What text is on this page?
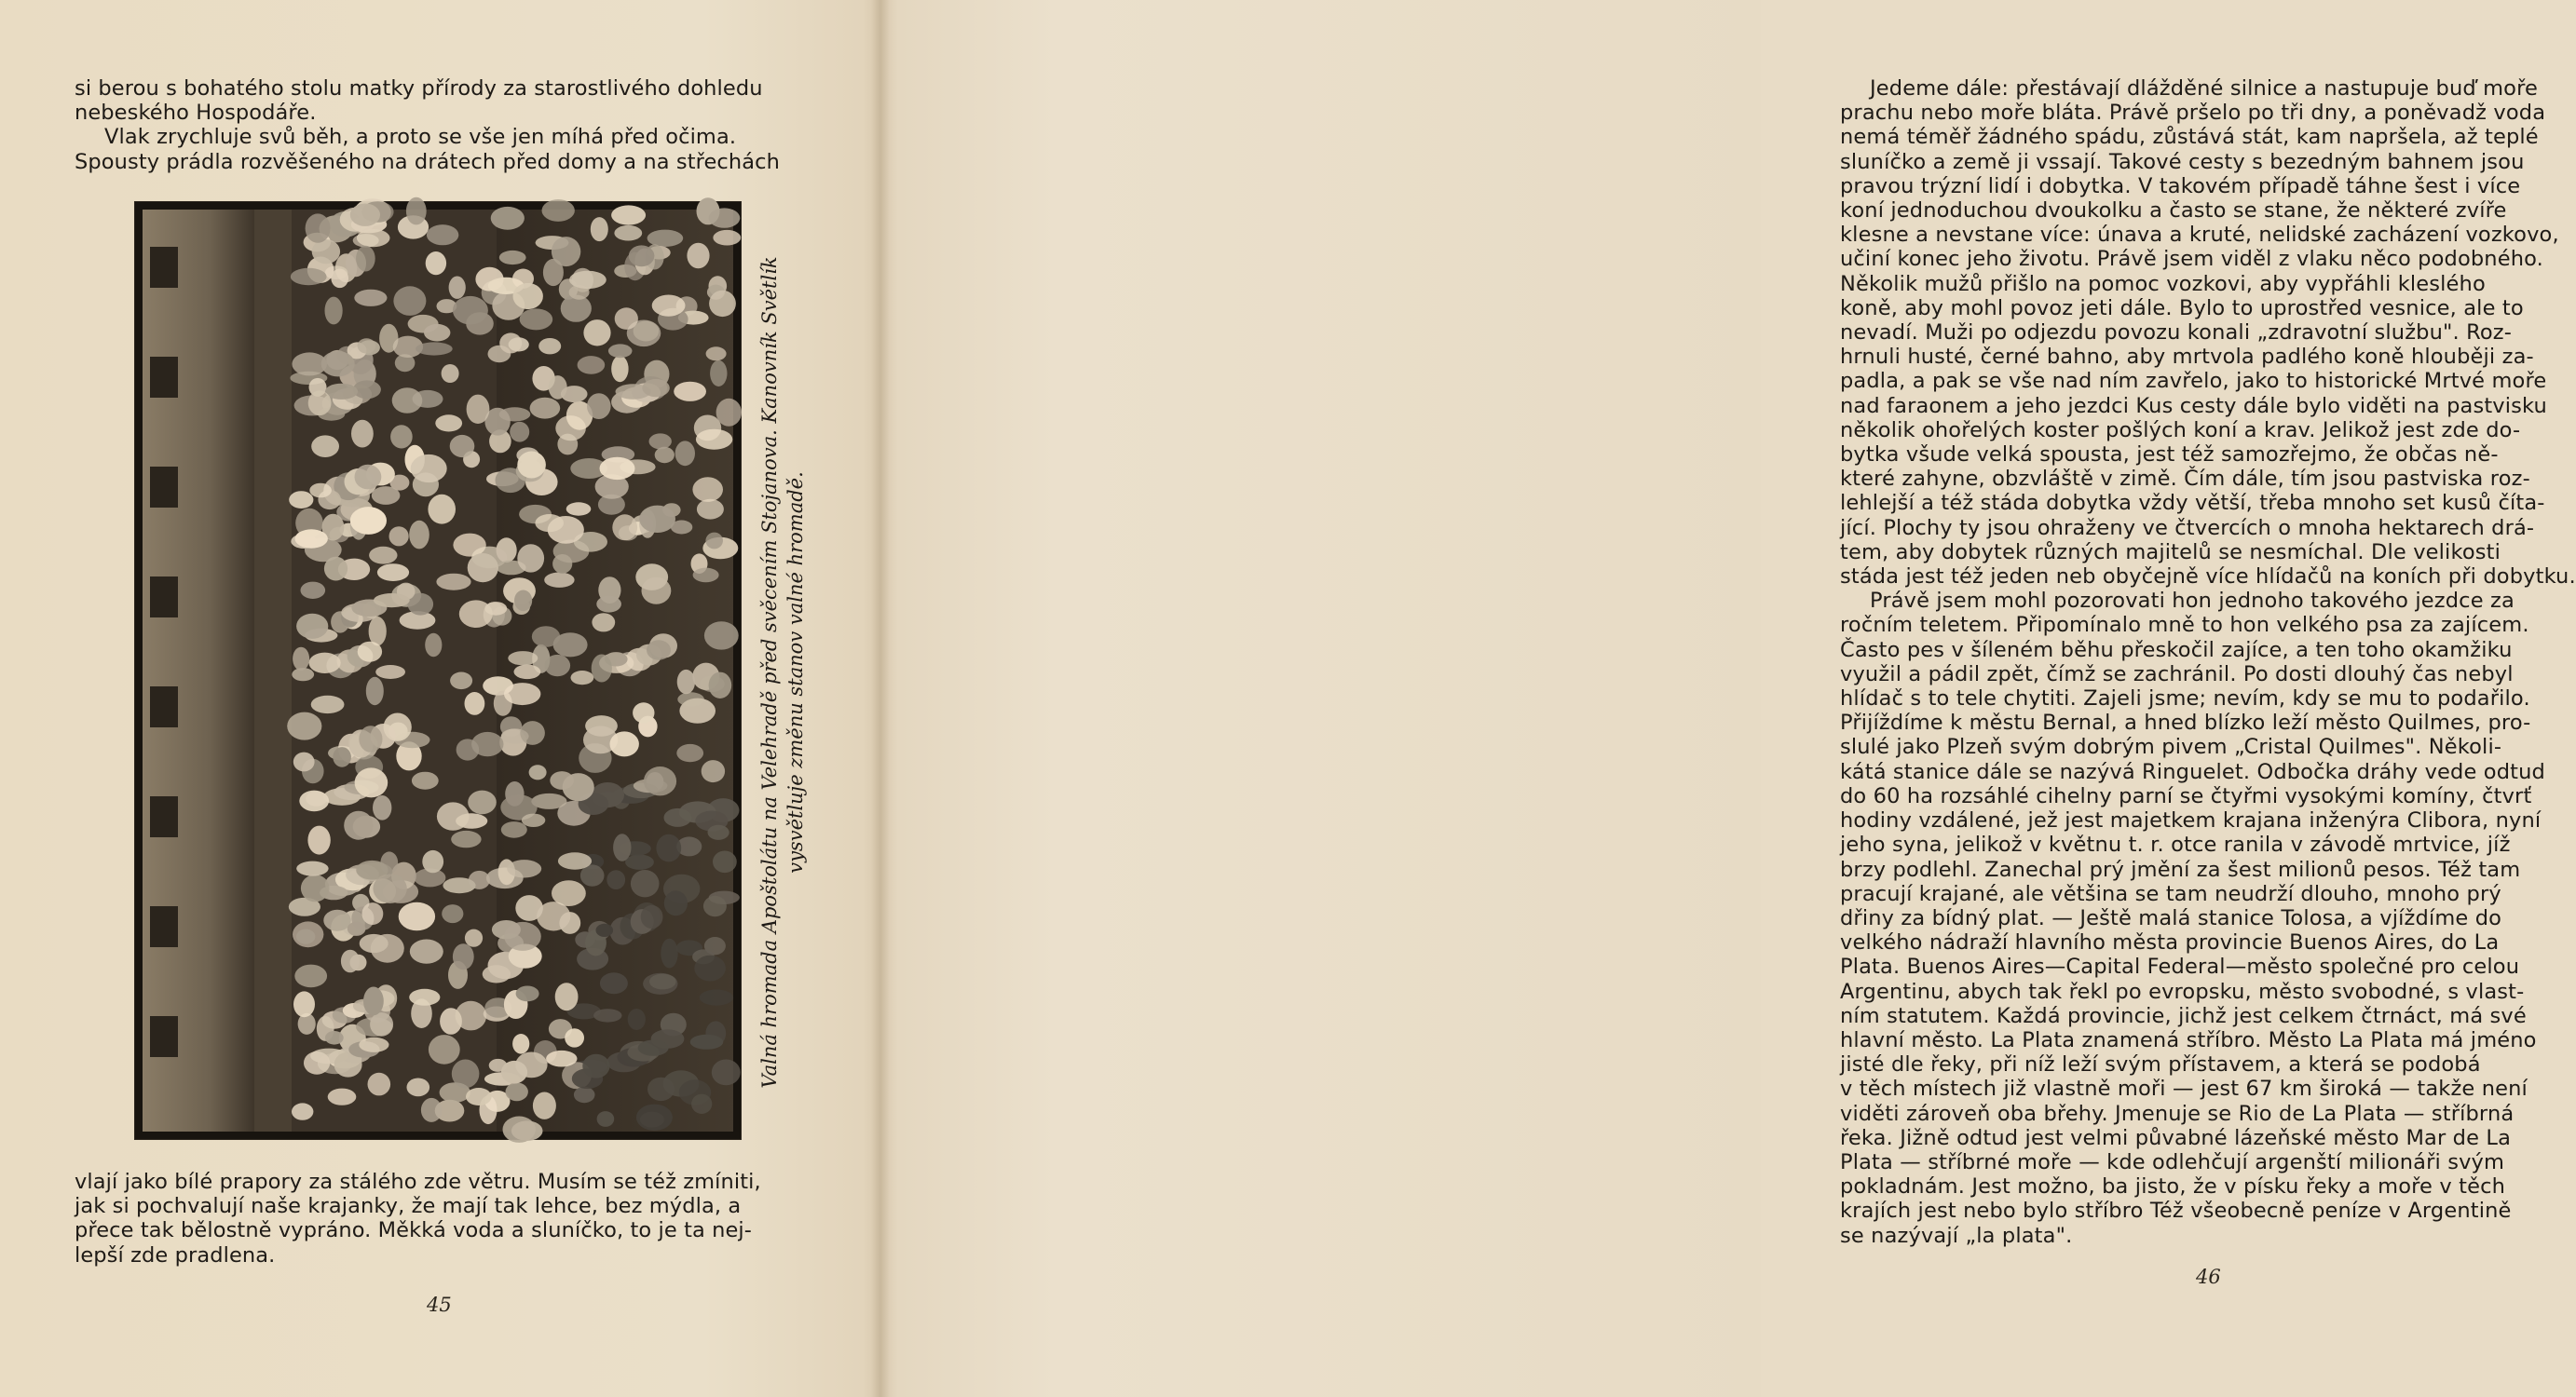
si berou s bohatého stolu matky přírody za starostlivého dohledu
nebeského Hospodáře.
Vlak zrychluje svů běh, a proto se vše jen míhá před očima.
Spousty prádla rozvěšeného na drátech před domy a na střechách
Valná hromada Apoštolátu na Velehradě před svěcením Stojanova. Kanovník Světlík vysvětluje změnu stanov valné hromadě.
vlají jako bílé prapory za stálého zde větru. Musím se též zmíniti,
jak si pochvalují naše krajanky, že mají tak lehce, bez mýdla, a
přece tak bělostně vypráno. Měkká voda a sluníčko, to je ta nej-
lepší zde pradlena.
45
Jedeme dále: přestávají dlážděné silnice a nastupuje buď moře
prachu nebo moře bláta. Právě pršelo po tři dny, a poněvadž voda
nemá téměř žádného spádu, zůstává stát, kam napršela, až teplé
sluníčko a země ji vssají. Takové cesty s bezedným bahnem jsou
pravou trýzní lidí i dobytka. V takovém případě táhne šest i více
koní jednoduchou dvoukolku a často se stane, že některé zvíře
klesne a nevstane více: únava a kruté, nelidské zacházení vozkovo,
učiní konec jeho životu. Právě jsem viděl z vlaku něco podobného.
Několik mužů přišlo na pomoc vozkovi, aby vypřáhli kleslého
koně, aby mohl povoz jeti dále. Bylo to uprostřed vesnice, ale to
nevadí. Muži po odjezdu povozu konali „zdravotní službu". Roz-
hrnuli husté, černé bahno, aby mrtvola padlého koně hlouběji za-
padla, a pak se vše nad ním zavřelo, jako to historické Mrtvé moře
nad faraonem a jeho jezdci Kus cesty dále bylo viděti na pastvisku
několik ohořelých koster pošlých koní a krav. Jelikož jest zde do-
bytka všude velká spousta, jest též samozřejmo, že občas ně-
které zahyne, obzvláště v zimě. Čím dále, tím jsou pastviska roz-
lehlejší a též stáda dobytka vždy větší, třeba mnoho set kusů číta-
jící. Plochy ty jsou ohraženy ve čtvercích o mnoha hektarech drá-
tem, aby dobytek různých majitelů se nesmíchal. Dle velikosti
stáda jest též jeden neb obyčejně více hlídačů na koních při dobytku.
Právě jsem mohl pozorovati hon jednoho takového jezdce za
ročním teletem. Připomínalo mně to hon velkého psa za zajícem.
Často pes v šíleném běhu přeskočil zajíce, a ten toho okamžiku
využil a pádil zpět, čímž se zachránil. Po dosti dlouhý čas nebyl
hlídač s to tele chytiti. Zajeli jsme; nevím, kdy se mu to podařilo.
Přijíždíme k městu Bernal, a hned blízko leží město Quilmes, pro-
slulé jako Plzeň svým dobrým pivem „Cristal Quilmes". Několi-
kátá stanice dále se nazývá Ringuelet. Odbočka dráhy vede odtud
do 60 ha rozsáhlé cihelny parní se čtyřmi vysokými komíny, čtvrť
hodiny vzdálené, jež jest majetkem krajana inženýra Clibora, nyní
jeho syna, jelikož v květnu t. r. otce ranila v závodě mrtvice, jíž
brzy podlehl. Zanechal prý jmění za šest milionů pesos. Též tam
pracují krajané, ale většina se tam neudrží dlouho, mnoho prý
dřiny za bídný plat. — Ještě malá stanice Tolosa, a vjíždíme do
velkého nádraží hlavního města provincie Buenos Aires, do La
Plata. Buenos Aires—Capital Federal—město společné pro celou
Argentinu, abych tak řekl po evropsku, město svobodné, s vlast-
ním statutem. Každá provincie, jichž jest celkem čtrnáct, má své
hlavní město. La Plata znamená stříbro. Město La Plata má jméno
jisté dle řeky, při níž leží svým přístavem, a která se podobá
v těch místech již vlastně moři — jest 67 km široká — takže není
viděti zároveň oba břehy. Jmenuje se Rio de La Plata — stříbrná
řeka. Jižně odtud jest velmi půvabné lázeňské město Mar de La
Plata — stříbrné moře — kde odlehčují argenští milionáři svým
pokladnám. Jest možno, ba jisto, že v písku řeky a moře v těch
krajích jest nebo bylo stříbro Též všeobecně peníze v Argentině
se nazývají „la plata".
46
